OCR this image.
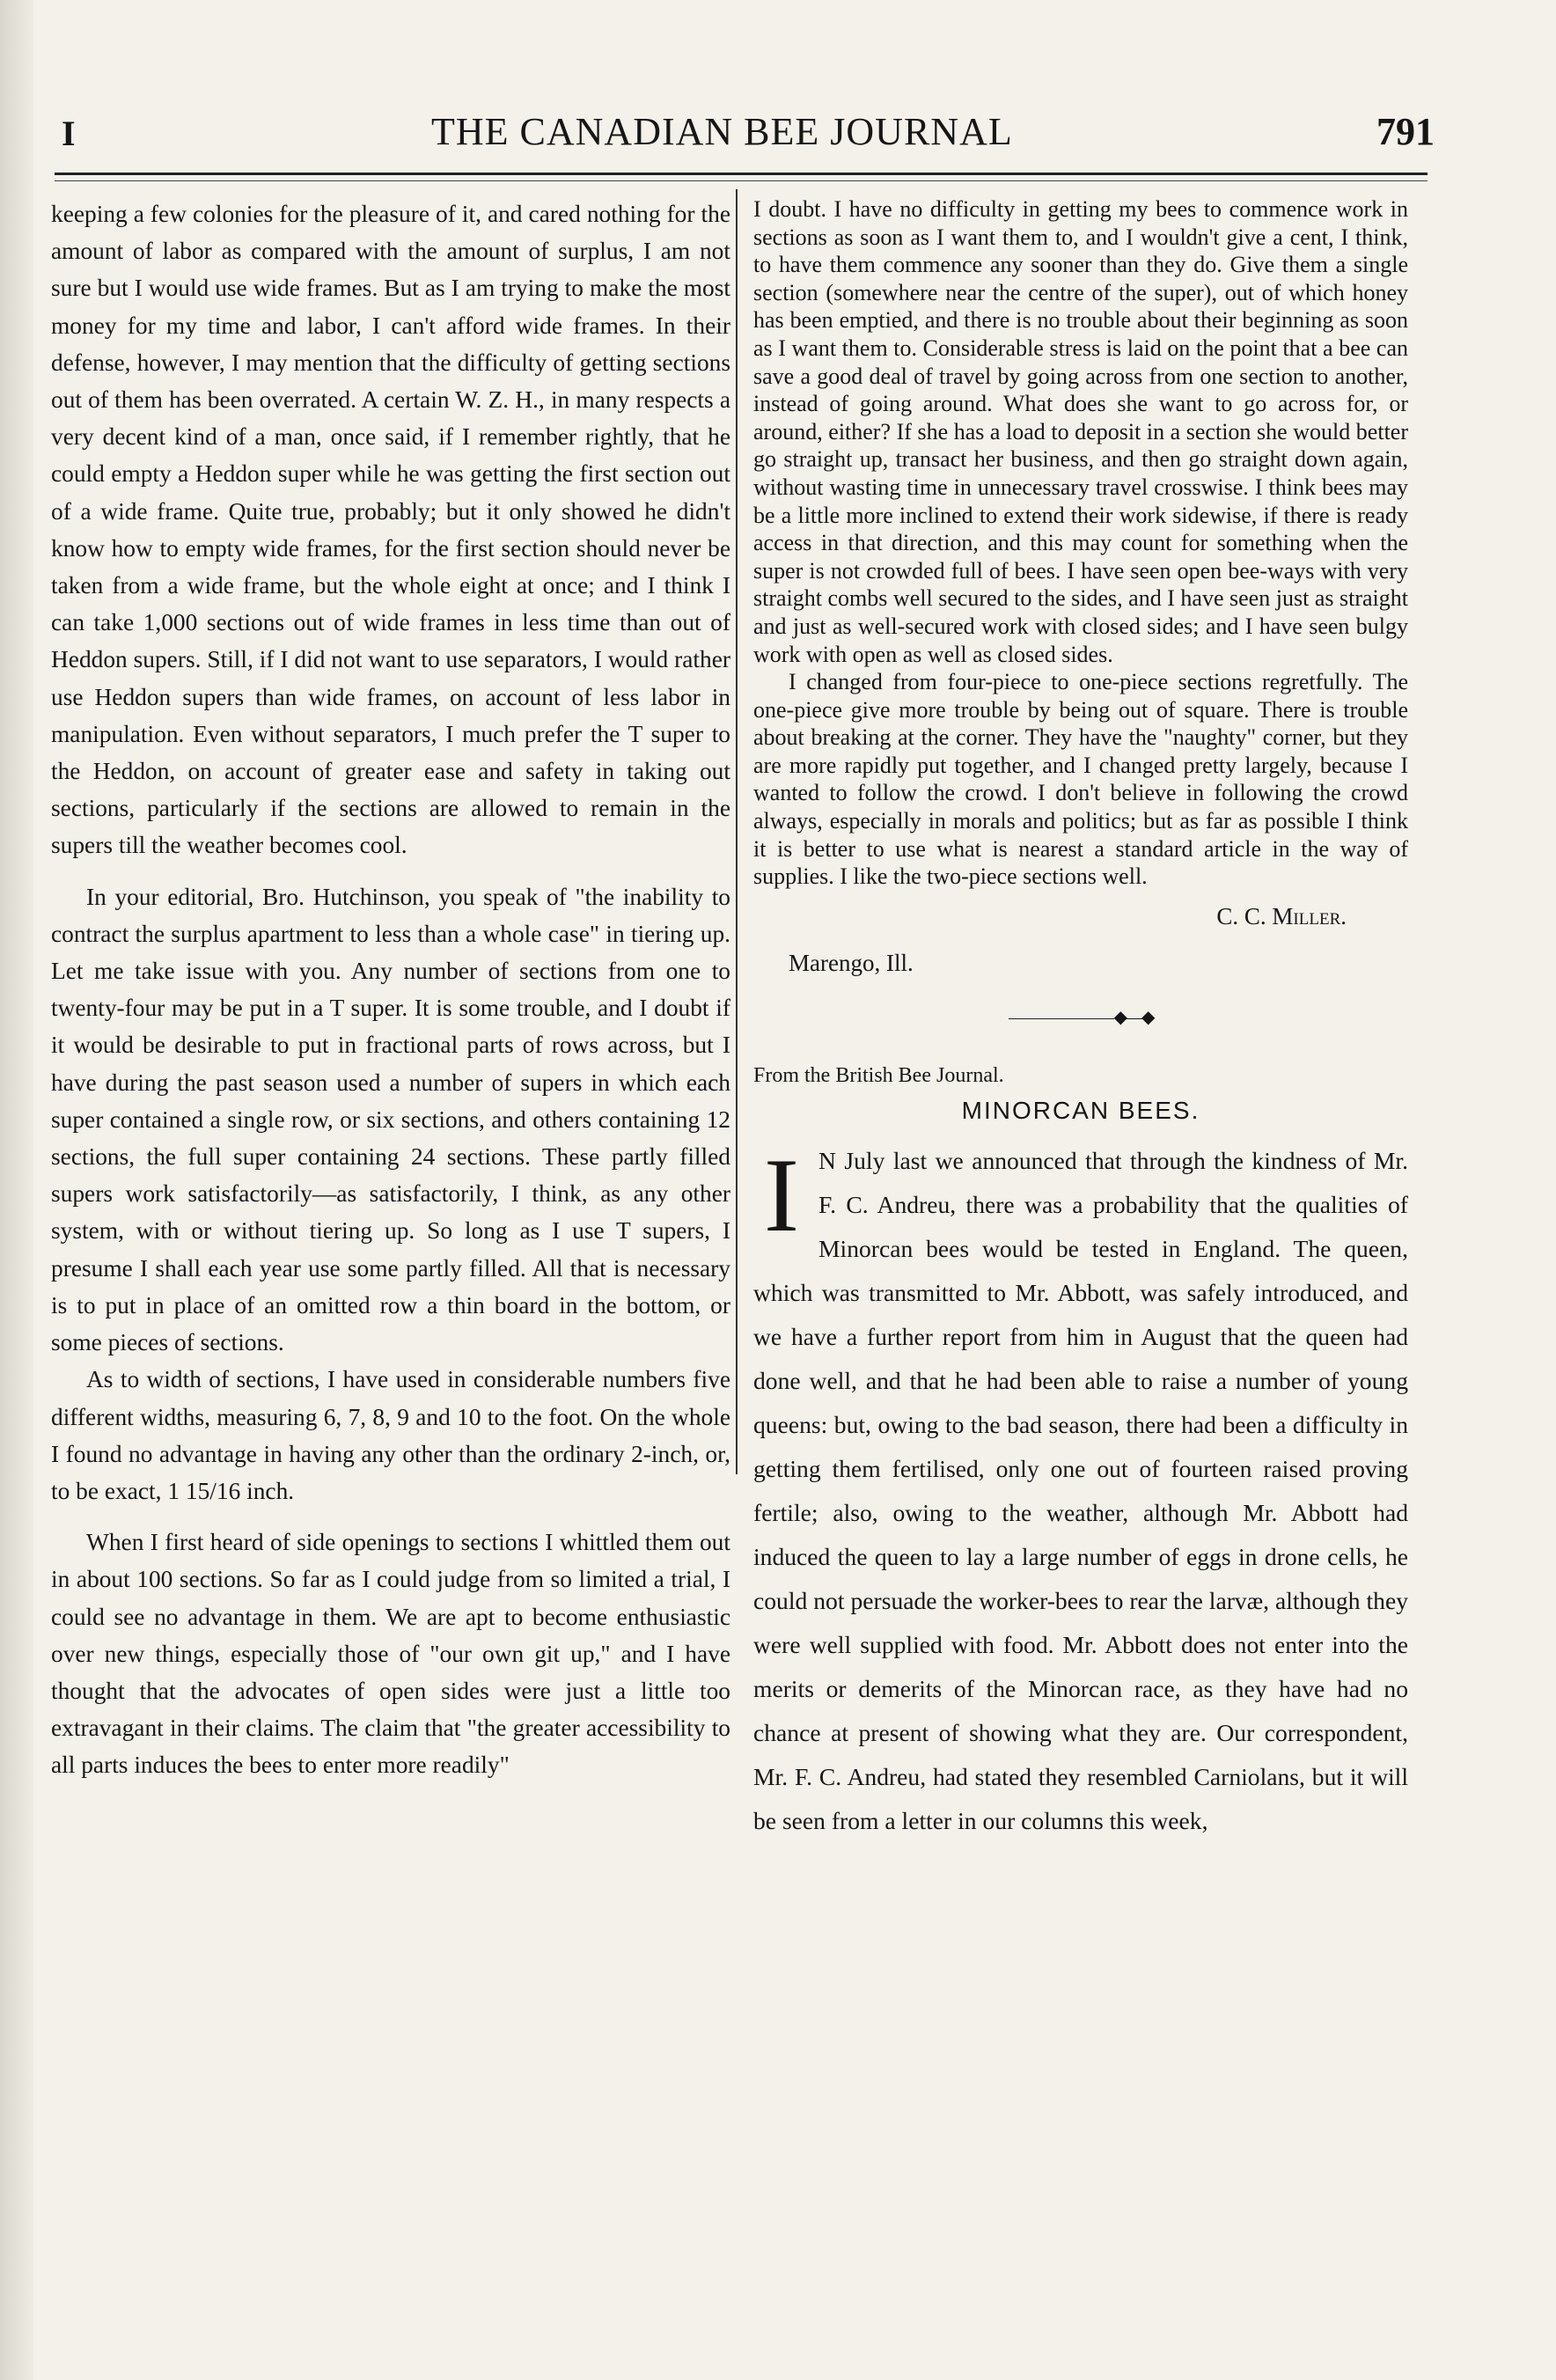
I	THE CANADIAN BEE JOURNAL	791

keeping a few colonies for the pleasure of it, and cared nothing for the amount of labor as compared with the amount of surplus, I am not sure but I would use wide frames. But as I am trying to make the most money for my time and labor, I can't afford wide frames. In their defense, however, I may mention that the difficulty of getting sections out of them has been overrated. A certain W. Z. H., in many respects a very decent kind of a man, once said, if I remember rightly, that he could empty a Heddon super while he was getting the first section out of a wide frame. Quite true, probably; but it only showed he didn't know how to empty wide frames, for the first section should never be taken from a wide frame, but the whole eight at once; and I think I can take 1,000 sections out of wide frames in less time than out of Heddon supers. Still, if I did not want to use separators, I would rather use Heddon supers than wide frames, on account of less labor in manipulation. Even without separators, I much prefer the T super to the Heddon, on account of greater ease and safety in taking out sections, particularly if the sections are allowed to remain in the supers till the weather becomes cool.

In your editorial, Bro. Hutchinson, you speak of "the inability to contract the surplus apartment to less than a whole case" in tiering up. Let me take issue with you. Any number of sections from one to twenty-four may be put in a T super. It is some trouble, and I doubt if it would be desirable to put in fractional parts of rows across, but I have during the past season used a number of supers in which each super contained a single row, or six sections, and others containing 12 sections, the full super containing 24 sections. These partly filled supers work satisfactorily—as satisfactorily, I think, as any other system, with or without tiering up. So long as I use T supers, I presume I shall each year use some partly filled. All that is necessary is to put in place of an omitted row a thin board in the bottom, or some pieces of sections.

As to width of sections, I have used in considerable numbers five different widths, measuring 6, 7, 8, 9 and 10 to the foot. On the whole I found no advantage in having any other than the ordinary 2-inch, or, to be exact, 1 15/16 inch.

When I first heard of side openings to sections I whittled them out in about 100 sections. So far as I could judge from so limited a trial, I could see no advantage in them. We are apt to become enthusiastic over new things, especially those of "our own git up," and I have thought that the advocates of open sides were just a little too extravagant in their claims. The claim that "the greater accessibility to all parts induces the bees to enter more readily"

I doubt. I have no difficulty in getting my bees to commence work in sections as soon as I want them to, and I wouldn't give a cent, I think, to have them commence any sooner than they do. Give them a single section (somewhere near the centre of the super), out of which honey has been emptied, and there is no trouble about their beginning as soon as I want them to. Considerable stress is laid on the point that a bee can save a good deal of travel by going across from one section to another, instead of going around. What does she want to go across for, or around, either? If she has a load to deposit in a section she would better go straight up, transact her business, and then go straight down again, without wasting time in unnecessary travel crosswise. I think bees may be a little more inclined to extend their work sidewise, if there is ready access in that direction, and this may count for something when the super is not crowded full of bees. I have seen open bee-ways with very straight combs well secured to the sides, and I have seen just as straight and just as well-secured work with closed sides; and I have seen bulgy work with open as well as closed sides.

I changed from four-piece to one-piece sections regretfully. The one-piece give more trouble by being out of square. There is trouble about breaking at the corner. They have the "naughty" corner, but they are more rapidly put together, and I changed pretty largely, because I wanted to follow the crowd. I don't believe in following the crowd always, especially in morals and politics; but as far as possible I think it is better to use what is nearest a standard article in the way of supplies. I like the two-piece sections well.

C. C. Miller.
Marengo, Ill.
◆—◆
From the British Bee Journal.
MINORCAN BEES.
I N July last we announced that through the kindness of Mr. F. C. Andreu, there was a probability that the qualities of Minorcan bees would be tested in England. The queen, which was transmitted to Mr. Abbott, was safely introduced, and we have a further report from him in August that the queen had done well, and that he had been able to raise a number of young queens: but, owing to the bad season, there had been a difficulty in getting them fertilised, only one out of fourteen raised proving fertile; also, owing to the weather, although Mr. Abbott had induced the queen to lay a large number of eggs in drone cells, he could not persuade the worker-bees to rear the larvæ, although they were well supplied with food. Mr. Abbott does not enter into the merits or demerits of the Minorcan race, as they have had no chance at present of showing what they are. Our correspondent, Mr. F. C. Andreu, had stated they resembled Carniolans, but it will be seen from a letter in our columns this week,
